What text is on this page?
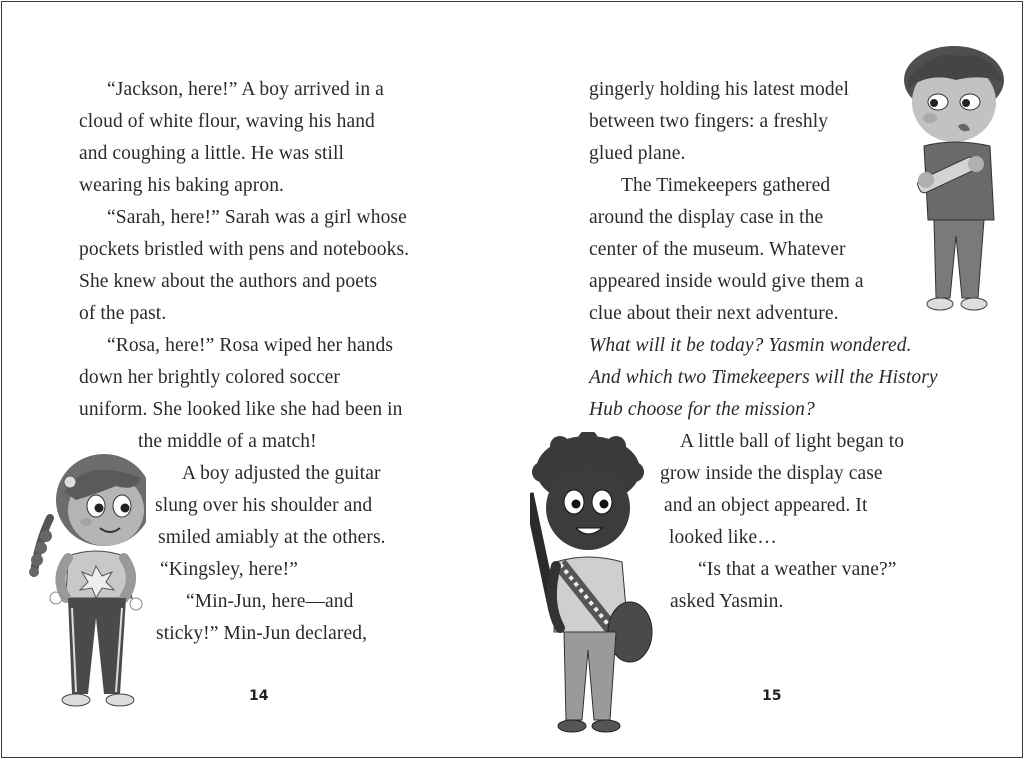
“Jackson, here!” A boy arrived in a
cloud of white flour, waving his hand
and coughing a little. He was still
wearing his baking apron.
“Sarah, here!” Sarah was a girl whose
pockets bristled with pens and notebooks.
She knew about the authors and poets
of the past.
“Rosa, here!” Rosa wiped her hands
down her brightly colored soccer
uniform. She looked like she had been in
the middle of a match!
A boy adjusted the guitar
slung over his shoulder and
smiled amiably at the others.
“Kingsley, here!”
“Min-Jun, here—and
sticky!” Min-Jun declared,
14
gingerly holding his latest model
between two fingers: a freshly
glued plane.
The Timekeepers gathered
around the display case in the
center of the museum. Whatever
appeared inside would give them a
clue about their next adventure.
What will it be today? Yasmin wondered.
And which two Timekeepers will the History
Hub choose for the mission?
A little ball of light began to
grow inside the display case
and an object appeared. It
looked like…
“Is that a weather vane?”
asked Yasmin.
15
